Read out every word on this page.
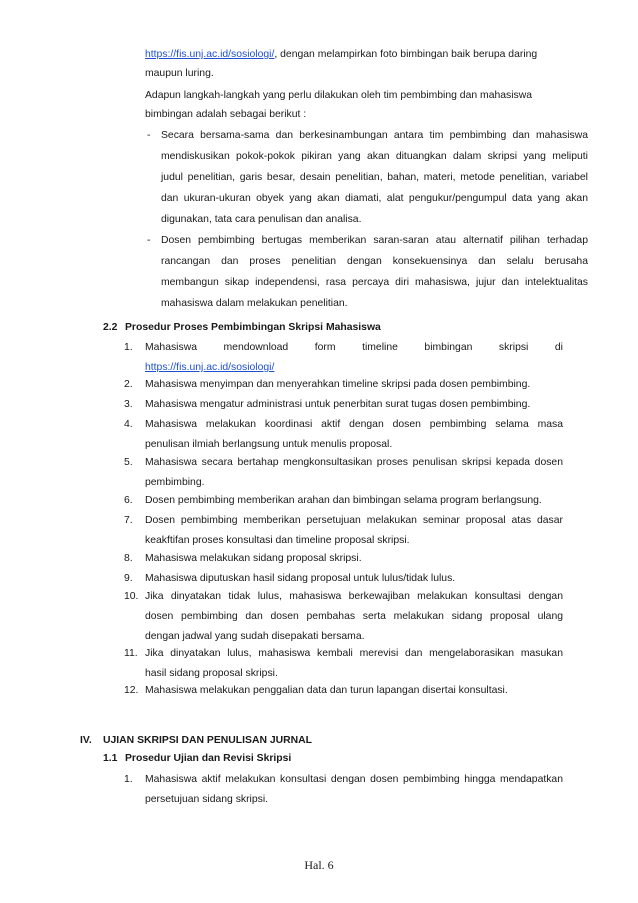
https://fis.unj.ac.id/sosiologi/, dengan melampirkan foto bimbingan baik berupa daring
maupun luring.
Adapun langkah-langkah yang perlu dilakukan oleh tim pembimbing dan mahasiswa
bimbingan adalah sebagai berikut :
- Secara bersama-sama dan berkesinambungan antara tim pembimbing dan mahasiswa
mendiskusikan pokok-pokok pikiran yang akan dituangkan dalam skripsi yang meliputi
judul penelitian, garis besar, desain penelitian, bahan, materi, metode penelitian, variabel
dan ukuran-ukuran obyek yang akan diamati, alat pengukur/pengumpul data yang akan
digunakan, tata cara penulisan dan analisa.
- Dosen pembimbing bertugas memberikan saran-saran atau alternatif pilihan terhadap
rancangan dan proses penelitian dengan konsekuensinya dan selalu berusaha
membangun sikap independensi, rasa percaya diri mahasiswa, jujur dan intelektualitas
mahasiswa dalam melakukan penelitian.
2.2 Prosedur Proses Pembimbingan Skripsi Mahasiswa
1. Mahasiswa mendownload form timeline bimbingan skripsi di
https://fis.unj.ac.id/sosiologi/
2. Mahasiswa menyimpan dan menyerahkan timeline skripsi pada dosen pembimbing.
3. Mahasiswa mengatur administrasi untuk penerbitan surat tugas dosen pembimbing.
4. Mahasiswa melakukan koordinasi aktif dengan dosen pembimbing selama masa
penulisan ilmiah berlangsung untuk menulis proposal.
5. Mahasiswa secara bertahap mengkonsultasikan proses penulisan skripsi kepada dosen
pembimbing.
6. Dosen pembimbing memberikan arahan dan bimbingan selama program berlangsung.
7. Dosen pembimbing memberikan persetujuan melakukan seminar proposal atas dasar
keakftifan proses konsultasi dan timeline proposal skripsi.
8. Mahasiswa melakukan sidang proposal skripsi.
9. Mahasiswa diputuskan hasil sidang proposal untuk lulus/tidak lulus.
10. Jika dinyatakan tidak lulus, mahasiswa berkewajiban melakukan konsultasi dengan
dosen pembimbing dan dosen pembahas serta melakukan sidang proposal ulang
dengan jadwal yang sudah disepakati bersama.
11. Jika dinyatakan lulus, mahasiswa kembali merevisi dan mengelaborasikan masukan
hasil sidang proposal skripsi.
12. Mahasiswa melakukan penggalian data dan turun lapangan disertai konsultasi.
IV. UJIAN SKRIPSI DAN PENULISAN JURNAL
1.1 Prosedur Ujian dan Revisi Skripsi
1. Mahasiswa aktif melakukan konsultasi dengan dosen pembimbing hingga mendapatkan
persetujuan sidang skripsi.
Hal. 6
